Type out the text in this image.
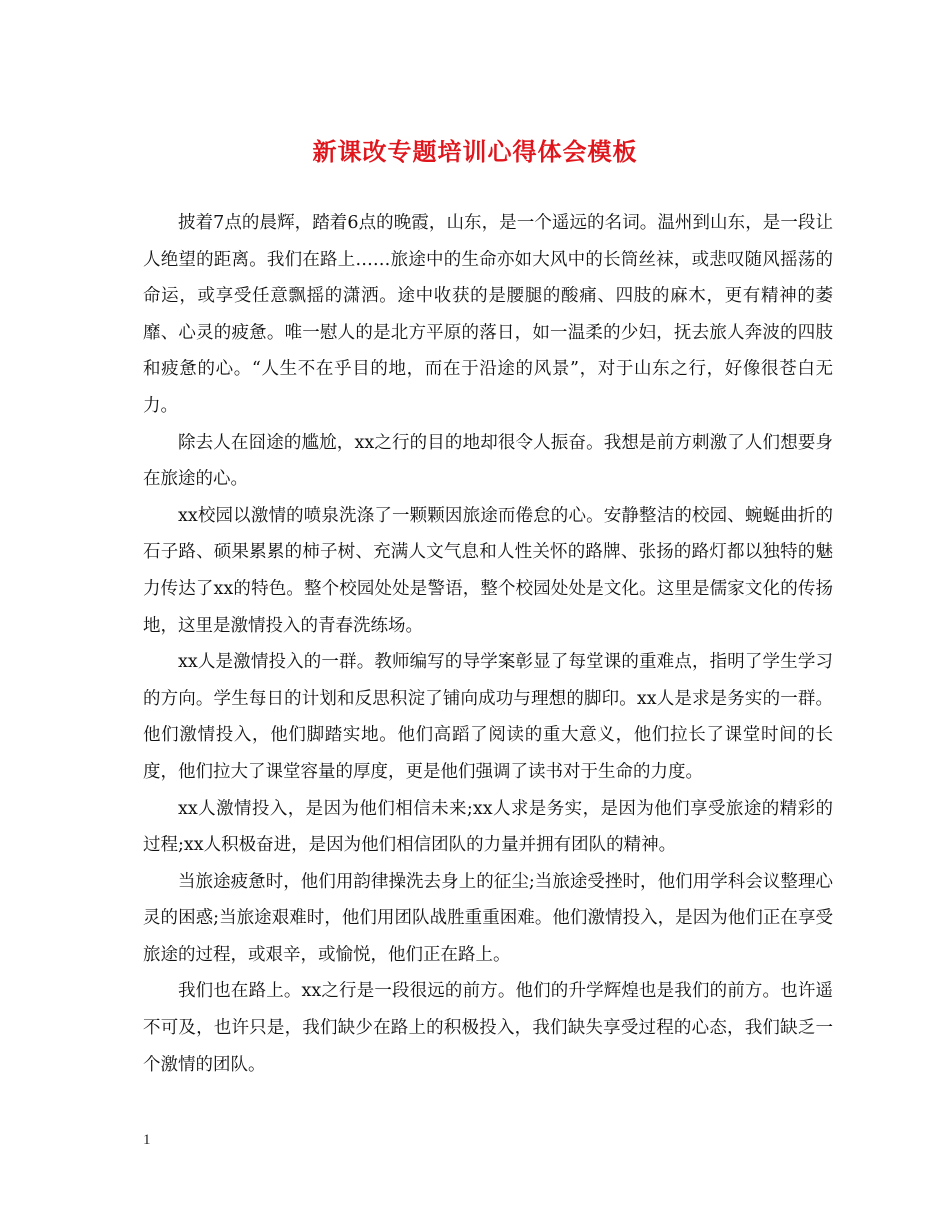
新课改专题培训心得体会模板

披着7点的晨辉，踏着6点的晚霞，山东，是一个遥远的名词。温州到山东，是一段让人绝望的距离。我们在路上……旅途中的生命亦如大风中的长筒丝袜，或悲叹随风摇荡的命运，或享受任意飘摇的潇洒。途中收获的是腰腿的酸痛、四肢的麻木，更有精神的萎靡、心灵的疲惫。唯一慰人的是北方平原的落日，如一温柔的少妇，抚去旅人奔波的四肢和疲惫的心。“人生不在乎目的地，而在于沿途的风景”，对于山东之行，好像很苍白无力。

除去人在囧途的尴尬，xx之行的目的地却很令人振奋。我想是前方刺激了人们想要身在旅途的心。

xx校园以激情的喷泉洗涤了一颗颗因旅途而倦怠的心。安静整洁的校园、蜿蜒曲折的石子路、硕果累累的柿子树、充满人文气息和人性关怀的路牌、张扬的路灯都以独特的魅力传达了xx的特色。整个校园处处是警语，整个校园处处是文化。这里是儒家文化的传扬地，这里是激情投入的青春洗练场。

xx人是激情投入的一群。教师编写的导学案彰显了每堂课的重难点，指明了学生学习的方向。学生每日的计划和反思积淀了铺向成功与理想的脚印。xx人是求是务实的一群。他们激情投入，他们脚踏实地。他们高蹈了阅读的重大意义，他们拉长了课堂时间的长度，他们拉大了课堂容量的厚度，更是他们强调了读书对于生命的力度。

xx人激情投入，是因为他们相信未来;xx人求是务实，是因为他们享受旅途的精彩的过程;xx人积极奋进，是因为他们相信团队的力量并拥有团队的精神。

当旅途疲惫时，他们用韵律操洗去身上的征尘;当旅途受挫时，他们用学科会议整理心灵的困惑;当旅途艰难时，他们用团队战胜重重困难。他们激情投入，是因为他们正在享受旅途的过程，或艰辛，或愉悦，他们正在路上。

我们也在路上。xx之行是一段很远的前方。他们的升学辉煌也是我们的前方。也许遥不可及，也许只是，我们缺少在路上的积极投入，我们缺失享受过程的心态，我们缺乏一个激情的团队。

1
